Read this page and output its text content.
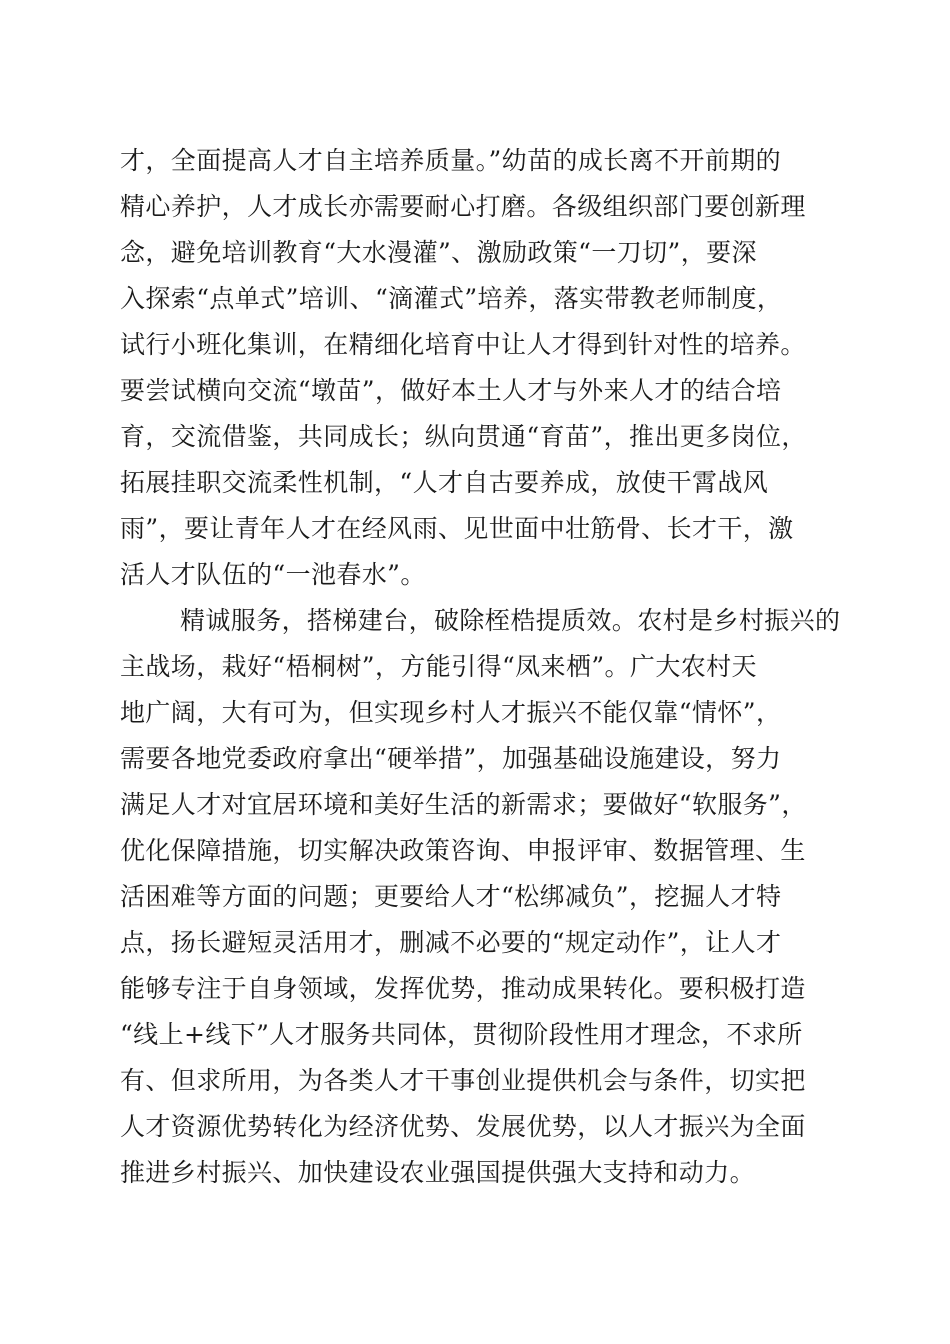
才，全面提高人才自主培养质量。”幼苗的成长离不开前期的
精心养护，人才成长亦需要耐心打磨。各级组织部门要创新理
念，避免培训教育“大水漫灌”、激励政策“一刀切”，要深
入探索“点单式”培训、“滴灌式”培养，落实带教老师制度，
试行小班化集训，在精细化培育中让人才得到针对性的培养。
要尝试横向交流“墩苗”，做好本土人才与外来人才的结合培
育，交流借鉴，共同成长；纵向贯通“育苗”，推出更多岗位，
拓展挂职交流柔性机制，“人才自古要养成，放使干霄战风
雨”，要让青年人才在经风雨、见世面中壮筋骨、长才干，激
活人才队伍的“一池春水”。
精诚服务，搭梯建台，破除桎梏提质效。农村是乡村振兴的
主战场，栽好“梧桐树”，方能引得“凤来栖”。广大农村天
地广阔，大有可为，但实现乡村人才振兴不能仅靠“情怀”，
需要各地党委政府拿出“硬举措”，加强基础设施建设，努力
满足人才对宜居环境和美好生活的新需求；要做好“软服务”，
优化保障措施，切实解决政策咨询、申报评审、数据管理、生
活困难等方面的问题；更要给人才“松绑减负”，挖掘人才特
点，扬长避短灵活用才，删减不必要的“规定动作”，让人才
能够专注于自身领域，发挥优势，推动成果转化。要积极打造
“线上+线下”人才服务共同体，贯彻阶段性用才理念，不求所
有、但求所用，为各类人才干事创业提供机会与条件，切实把
人才资源优势转化为经济优势、发展优势，以人才振兴为全面
推进乡村振兴、加快建设农业强国提供强大支持和动力。
